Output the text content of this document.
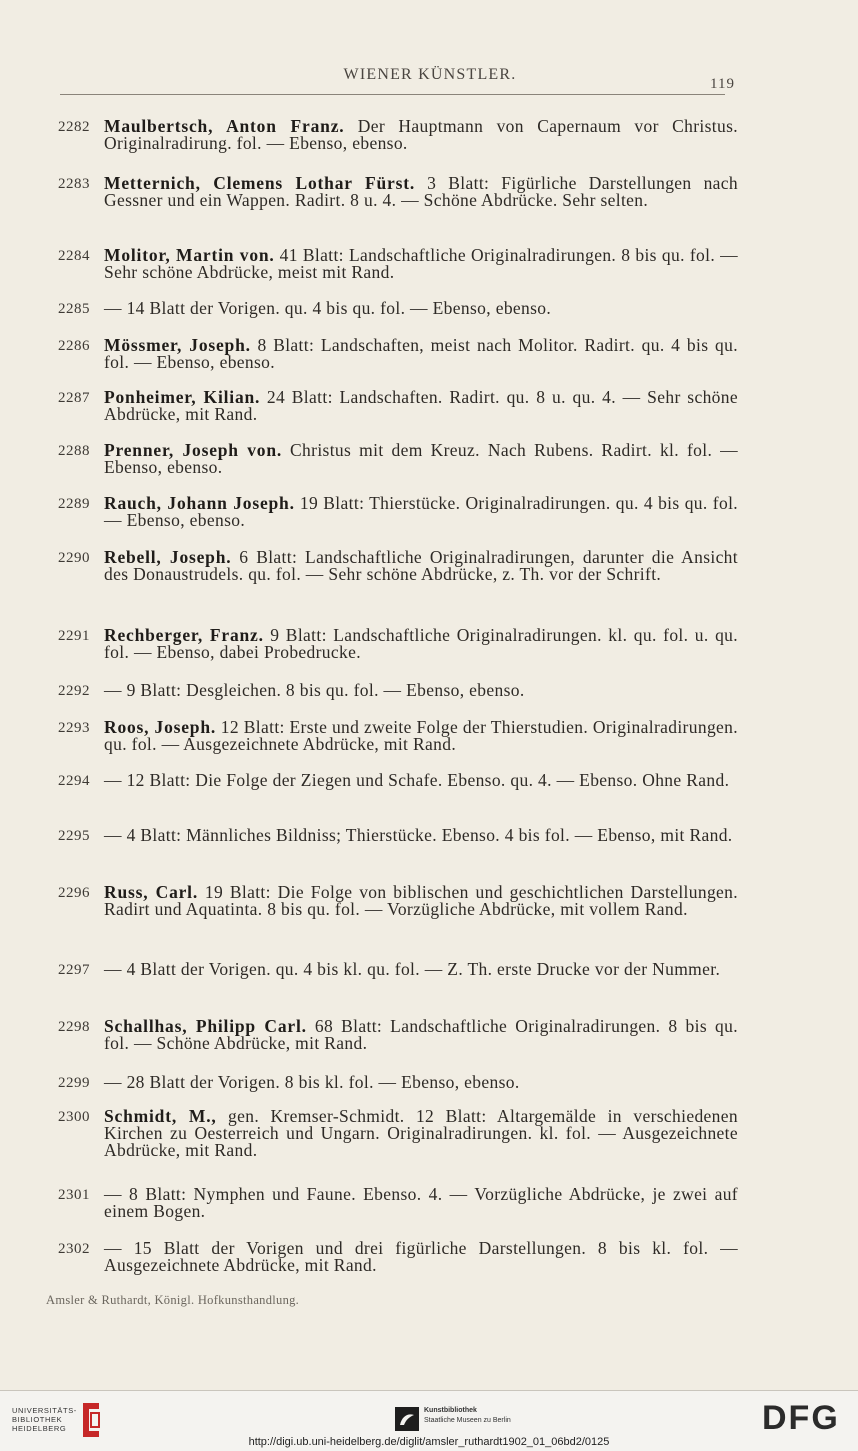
WIENER KÜNSTLER.
119
2282 Maulbertsch, Anton Franz. Der Hauptmann von Capernaum vor Christus. Originalradirung. fol. — Ebenso, ebenso.
2283 Metternich, Clemens Lothar Fürst. 3 Blatt: Figürliche Darstellungen nach Gessner und ein Wappen. Radirt. 8 u. 4. — Schöne Abdrücke. Sehr selten.
2284 Molitor, Martin von. 41 Blatt: Landschaftliche Originalradirungen. 8 bis qu. fol. — Sehr schöne Abdrücke, meist mit Rand.
2285 — 14 Blatt der Vorigen. qu. 4 bis qu. fol. — Ebenso, ebenso.
2286 Mössmer, Joseph. 8 Blatt: Landschaften, meist nach Molitor. Radirt. qu. 4 bis qu. fol. — Ebenso, ebenso.
2287 Ponheimer, Kilian. 24 Blatt: Landschaften. Radirt. qu. 8 u. qu. 4. — Sehr schöne Abdrücke, mit Rand.
2288 Prenner, Joseph von. Christus mit dem Kreuz. Nach Rubens. Radirt. kl. fol. — Ebenso, ebenso.
2289 Rauch, Johann Joseph. 19 Blatt: Thierstücke. Originalradirungen. qu. 4 bis qu. fol. — Ebenso, ebenso.
2290 Rebell, Joseph. 6 Blatt: Landschaftliche Originalradirungen, darunter die Ansicht des Donaustrudels. qu. fol. — Sehr schöne Abdrücke, z. Th. vor der Schrift.
2291 Rechberger, Franz. 9 Blatt: Landschaftliche Originalradirungen. kl. qu. fol. u. qu. fol. — Ebenso, dabei Probedrucke.
2292 — 9 Blatt: Desgleichen. 8 bis qu. fol. — Ebenso, ebenso.
2293 Roos, Joseph. 12 Blatt: Erste und zweite Folge der Thierstudien. Originalradirungen. qu. fol. — Ausgezeichnete Abdrücke, mit Rand.
2294 — 12 Blatt: Die Folge der Ziegen und Schafe. Ebenso. qu. 4. — Ebenso. Ohne Rand.
2295 — 4 Blatt: Männliches Bildniss; Thierstücke. Ebenso. 4 bis fol. — Ebenso, mit Rand.
2296 Russ, Carl. 19 Blatt: Die Folge von biblischen und geschichtlichen Darstellungen. Radirt und Aquatinta. 8 bis qu. fol. — Vorzügliche Abdrücke, mit vollem Rand.
2297 — 4 Blatt der Vorigen. qu. 4 bis kl. qu. fol. — Z. Th. erste Drucke vor der Nummer.
2298 Schallhas, Philipp Carl. 68 Blatt: Landschaftliche Originalradirungen. 8 bis qu. fol. — Schöne Abdrücke, mit Rand.
2299 — 28 Blatt der Vorigen. 8 bis kl. fol. — Ebenso, ebenso.
2300 Schmidt, M., gen. Kremser-Schmidt. 12 Blatt: Altargemälde in verschiedenen Kirchen zu Oesterreich und Ungarn. Originalradirungen. kl. fol. — Ausgezeichnete Abdrücke, mit Rand.
2301 — 8 Blatt: Nymphen und Faune. Ebenso. 4. — Vorzügliche Abdrücke, je zwei auf einem Bogen.
2302 — 15 Blatt der Vorigen und drei figürliche Darstellungen. 8 bis kl. fol. — Ausgezeichnete Abdrücke, mit Rand.
Amsler & Ruthardt, Königl. Hofkunsthandlung.
UNIVERSITÄTS-
BIBLIOTHEK
HEIDELBERG
Kunstbibliothek
Staatliche Museen zu Berlin	DFG
http://digi.ub.uni-heidelberg.de/diglit/amsler_ruthardt1902_01_06bd2/0125
